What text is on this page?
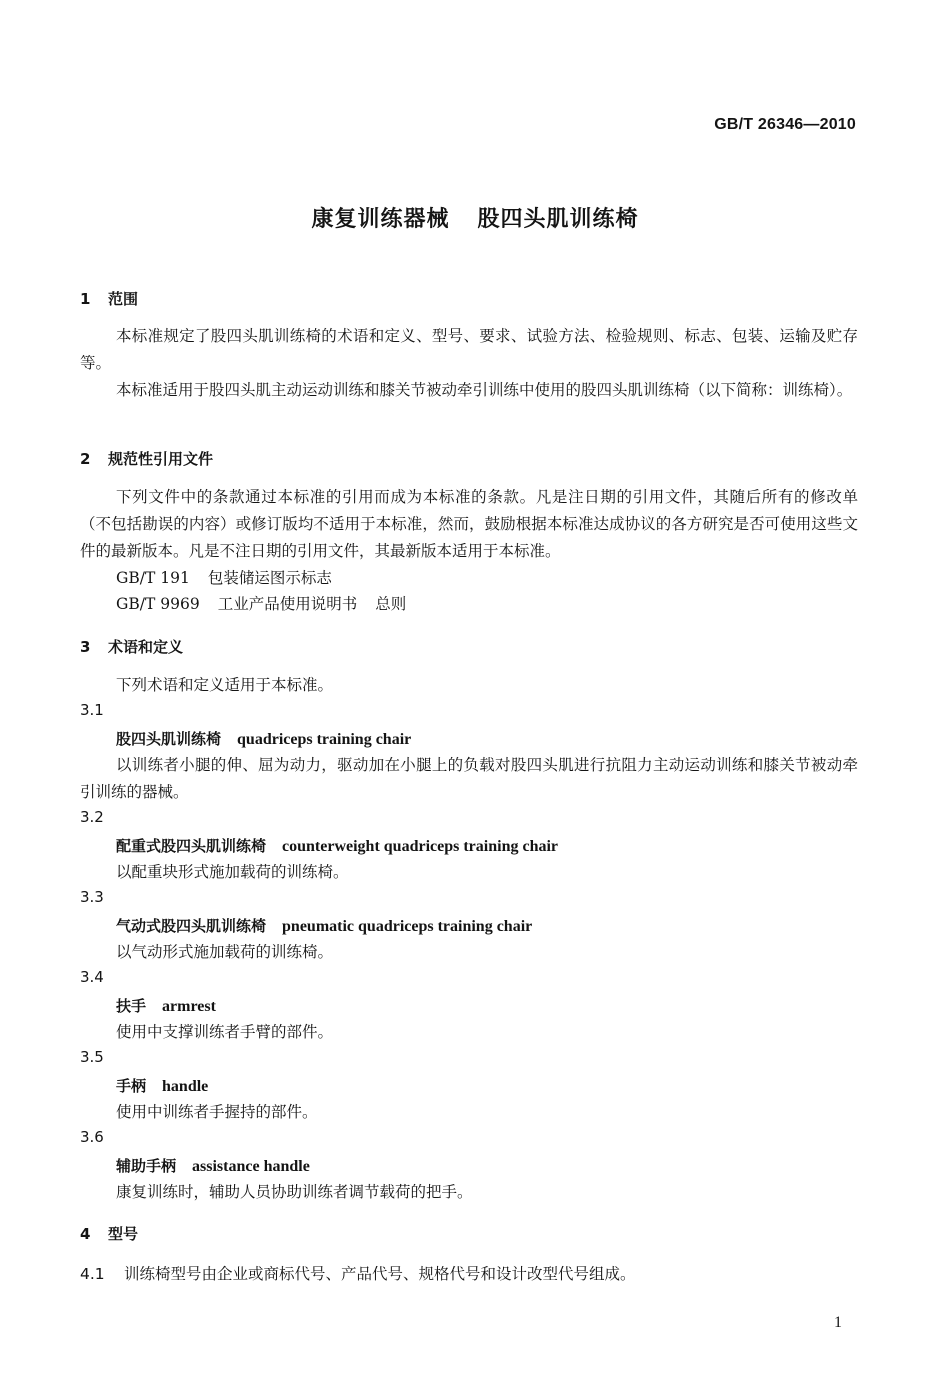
GB/T 26346—2010
康复训练器械 股四头肌训练椅
1 范围
本标准规定了股四头肌训练椅的术语和定义、型号、要求、试验方法、检验规则、标志、包装、运输及贮存等。
本标准适用于股四头肌主动运动训练和膝关节被动牵引训练中使用的股四头肌训练椅（以下简称：训练椅）。
2 规范性引用文件
下列文件中的条款通过本标准的引用而成为本标准的条款。凡是注日期的引用文件，其随后所有的修改单（不包括勘误的内容）或修订版均不适用于本标准，然而，鼓励根据本标准达成协议的各方研究是否可使用这些文件的最新版本。凡是不注日期的引用文件，其最新版本适用于本标准。
GB/T 191 包装储运图示标志
GB/T 9969 工业产品使用说明书 总则
3 术语和定义
下列术语和定义适用于本标准。
3.1
股四头肌训练椅 quadriceps training chair
以训练者小腿的伸、屈为动力，驱动加在小腿上的负载对股四头肌进行抗阻力主动运动训练和膝关节被动牵引训练的器械。
3.2
配重式股四头肌训练椅 counterweight quadriceps training chair
以配重块形式施加载荷的训练椅。
3.3
气动式股四头肌训练椅 pneumatic quadriceps training chair
以气动形式施加载荷的训练椅。
3.4
扶手 armrest
使用中支撑训练者手臂的部件。
3.5
手柄 handle
使用中训练者手握持的部件。
3.6
辅助手柄 assistance handle
康复训练时，辅助人员协助训练者调节载荷的把手。
4 型号
4.1 训练椅型号由企业或商标代号、产品代号、规格代号和设计改型代号组成。
1
